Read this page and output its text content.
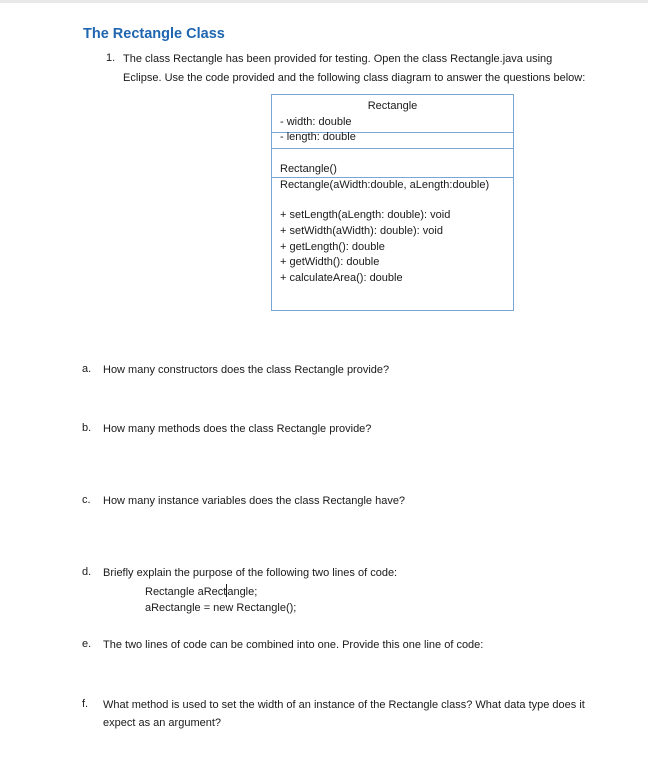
The Rectangle Class
1. The class Rectangle has been provided for testing. Open the class Rectangle.java using Eclipse. Use the code provided and the following class diagram to answer the questions below:
Rectangle
- width: double
- length: double
Rectangle()
Rectangle(aWidth:double, aLength:double)
+ setLength(aLength: double): void
+ setWidth(aWidth): double): void
+ getLength(): double
+ getWidth(): double
+ calculateArea(): double
a. How many constructors does the class Rectangle provide?
b. How many methods does the class Rectangle provide?
c. How many instance variables does the class Rectangle have?
d. Briefly explain the purpose of the following two lines of code:
e. The two lines of code can be combined into one. Provide this one line of code:
f. What method is used to set the width of an instance of the Rectangle class? What data type does it expect as an argument?
Rectangle aRectangle;
aRectangle = new Rectangle();
